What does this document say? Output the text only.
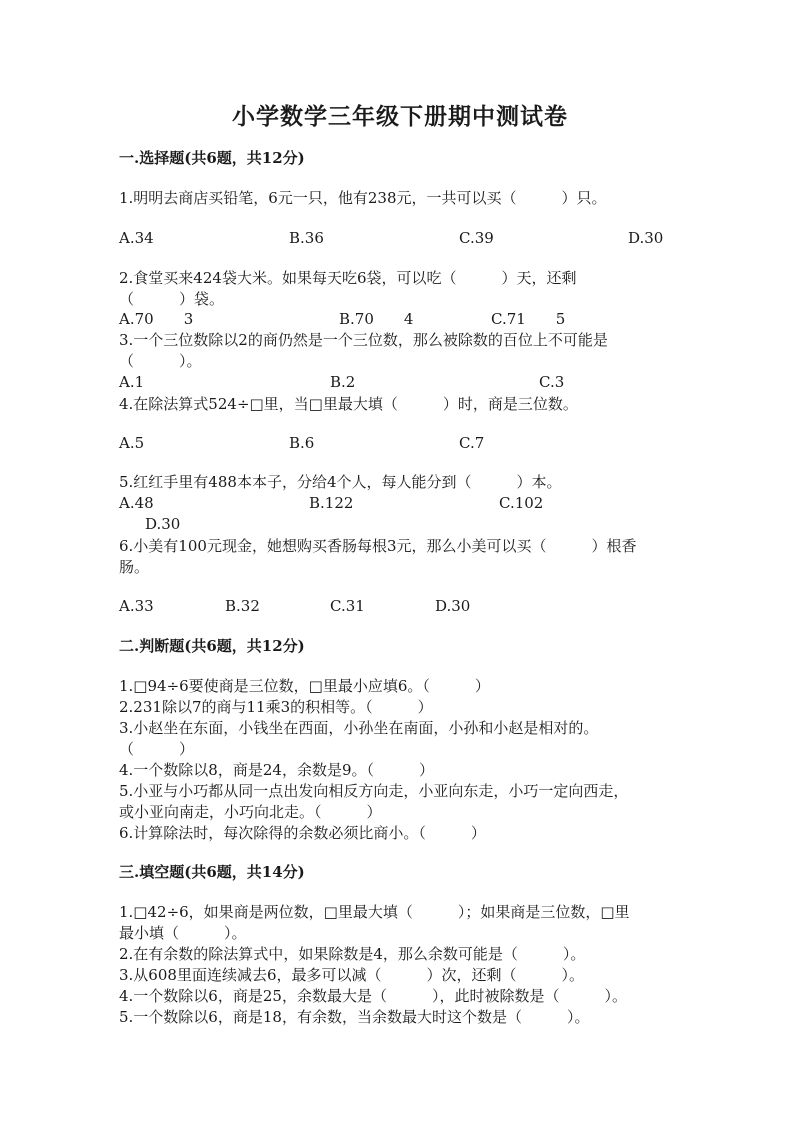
小学数学三年级下册期中测试卷
一.选择题(共6题，共12分)
1.明明去商店买铅笔，6元一只，他有238元，一共可以买（　　　）只。
A.34	B.36	C.39	D.30
2.食堂买来424袋大米。如果每天吃6袋，可以吃（　　　）天，还剩
（　　　）袋。
A.70　　3	B.70　　4	C.71　　5
3.一个三位数除以2的商仍然是一个三位数，那么被除数的百位上不可能是
（　　　）。
A.1	B.2	C.3
4.在除法算式524÷□里，当□里最大填（　　　）时，商是三位数。
A.5	B.6	C.7
5.红红手里有488本本子，分给4个人，每人能分到（　　　）本。
A.48	B.122	C.102
D.30
6.小美有100元现金，她想购买香肠每根3元，那么小美可以买（　　　）根香
肠。
A.33	B.32	C.31	D.30
二.判断题(共6题，共12分)
1.□94÷6要使商是三位数，□里最小应填6。（　　　）
2.231除以7的商与11乘3的积相等。（　　　）
3.小赵坐在东面，小钱坐在西面，小孙坐在南面，小孙和小赵是相对的。
（　　　）
4.一个数除以8，商是24，余数是9。（　　　）
5.小亚与小巧都从同一点出发向相反方向走，小亚向东走，小巧一定向西走，
或小亚向南走，小巧向北走。（　　　）
6.计算除法时，每次除得的余数必须比商小。（　　　）
三.填空题(共6题，共14分)
1.□42÷6，如果商是两位数，□里最大填（　　　）；如果商是三位数，□里
最小填（　　　）。
2.在有余数的除法算式中，如果除数是4，那么余数可能是（　　　）。
3.从608里面连续减去6，最多可以减（　　　）次，还剩（　　　）。
4.一个数除以6，商是25，余数最大是（　　　），此时被除数是（　　　）。
5.一个数除以6，商是18，有余数，当余数最大时这个数是（　　　）。
